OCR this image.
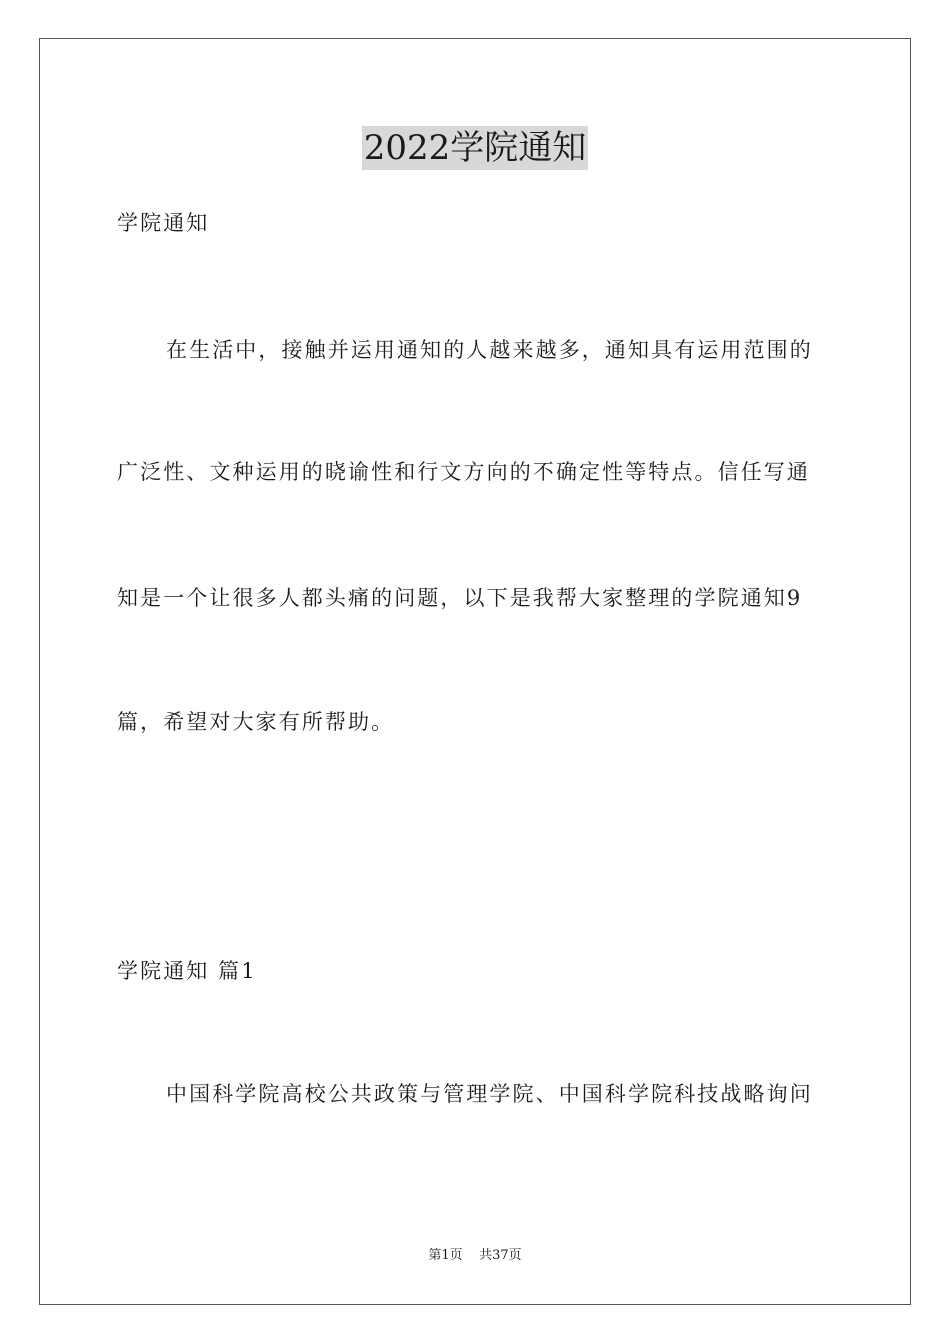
2022学院通知
学院通知
在生活中，接触并运用通知的人越来越多，通知具有运用范围的
广泛性、文种运用的晓谕性和行文方向的不确定性等特点。信任写通
知是一个让很多人都头痛的问题，以下是我帮大家整理的学院通知9
篇，希望对大家有所帮助。
学院通知 篇1
中国科学院高校公共政策与管理学院、中国科学院科技战略询问
第1页    共37页
